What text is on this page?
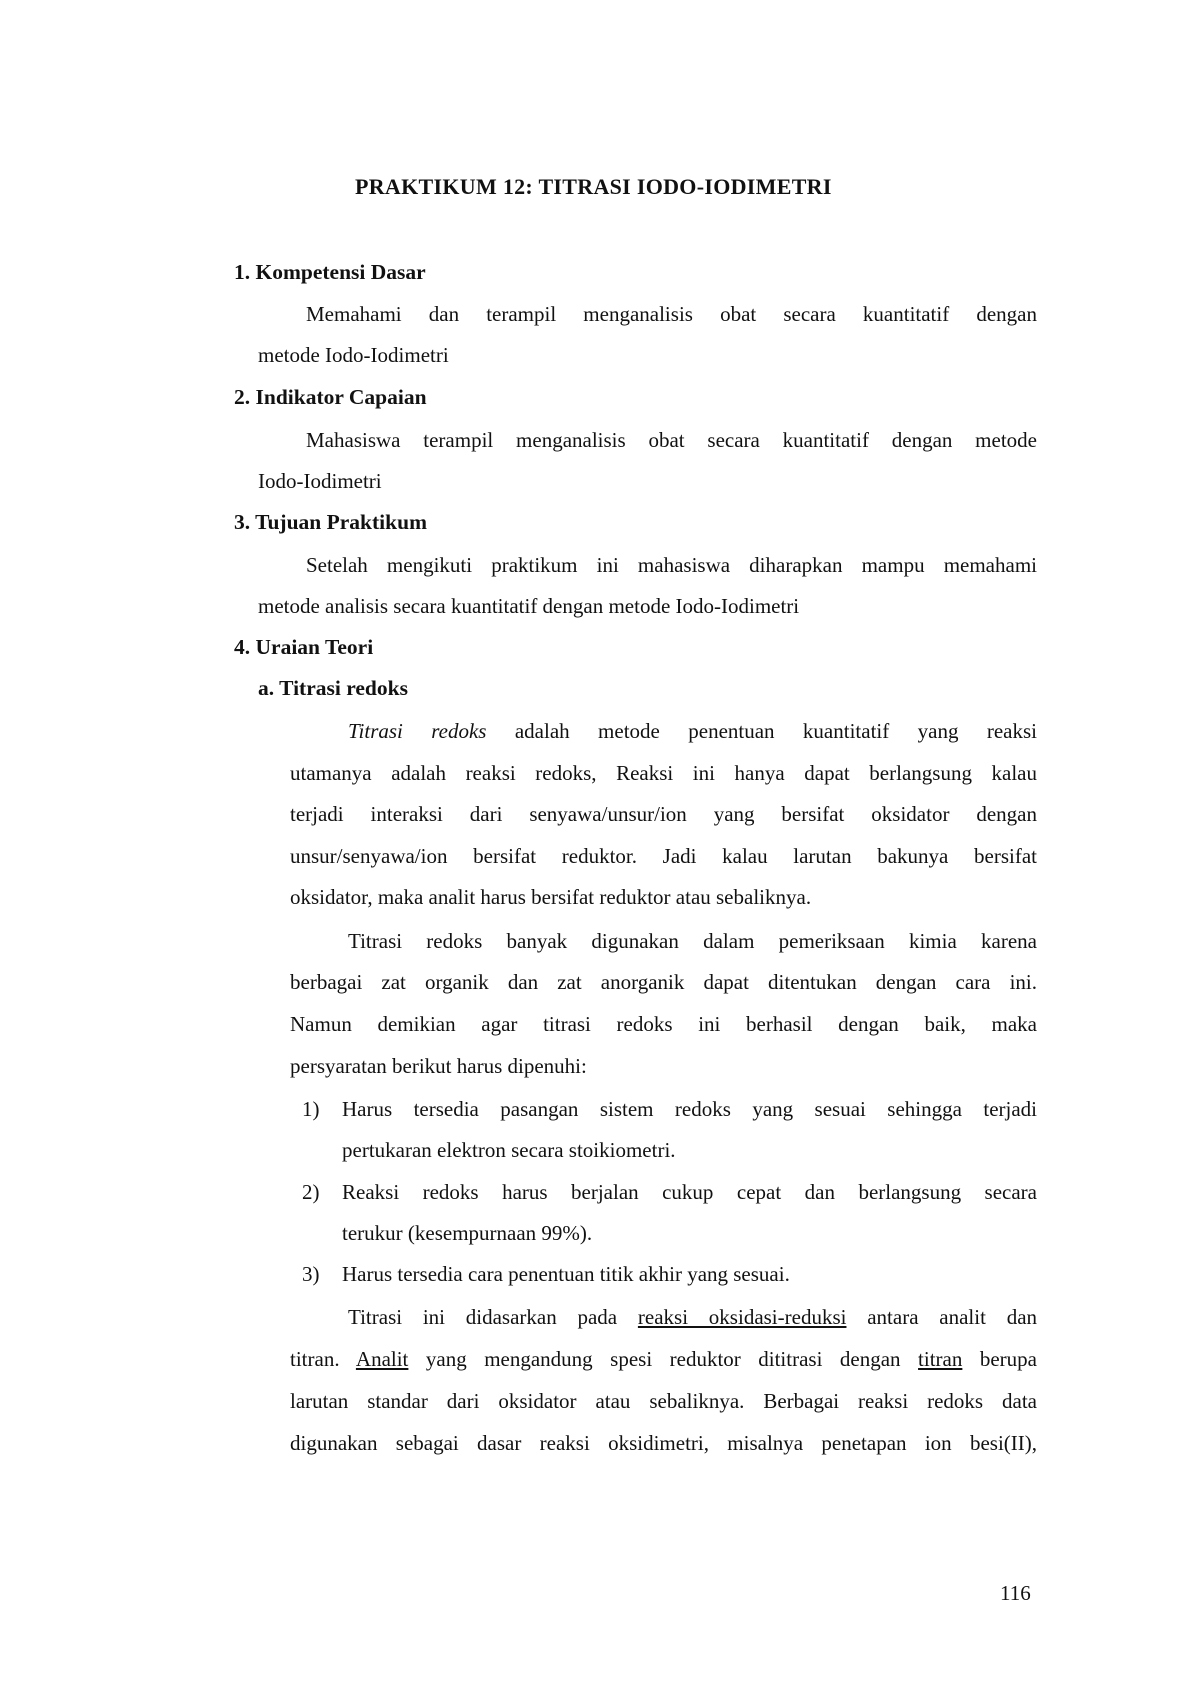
PRAKTIKUM 12: TITRASI IODO-IODIMETRI
1. Kompetensi Dasar
Memahami dan terampil menganalisis obat secara kuantitatif dengan
metode Iodo-Iodimetri
2. Indikator Capaian
Mahasiswa terampil menganalisis obat secara kuantitatif dengan metode
Iodo-Iodimetri
3. Tujuan Praktikum
Setelah mengikuti praktikum ini mahasiswa diharapkan mampu memahami
metode analisis secara kuantitatif dengan metode Iodo-Iodimetri
4. Uraian Teori
a. Titrasi redoks
Titrasi redoks adalah metode penentuan kuantitatif yang reaksi
utamanya adalah reaksi redoks, Reaksi ini hanya dapat berlangsung kalau
terjadi interaksi dari senyawa/unsur/ion yang bersifat oksidator dengan
unsur/senyawa/ion bersifat reduktor. Jadi kalau larutan bakunya bersifat
oksidator, maka analit harus bersifat reduktor atau sebaliknya.
Titrasi redoks banyak digunakan dalam pemeriksaan kimia karena
berbagai zat organik dan zat anorganik dapat ditentukan dengan cara ini.
Namun demikian agar titrasi redoks ini berhasil dengan baik, maka
persyaratan berikut harus dipenuhi:
1) Harus tersedia pasangan sistem redoks yang sesuai sehingga terjadi
pertukaran elektron secara stoikiometri.
2) Reaksi redoks harus berjalan cukup cepat dan berlangsung secara
terukur (kesempurnaan 99%).
3) Harus tersedia cara penentuan titik akhir yang sesuai.
Titrasi ini didasarkan pada reaksi oksidasi-reduksi antara analit dan
titran. Analit yang mengandung spesi reduktor dititrasi dengan titran berupa
larutan standar dari oksidator atau sebaliknya. Berbagai reaksi redoks data
digunakan sebagai dasar reaksi oksidimetri, misalnya penetapan ion besi(II),
116
